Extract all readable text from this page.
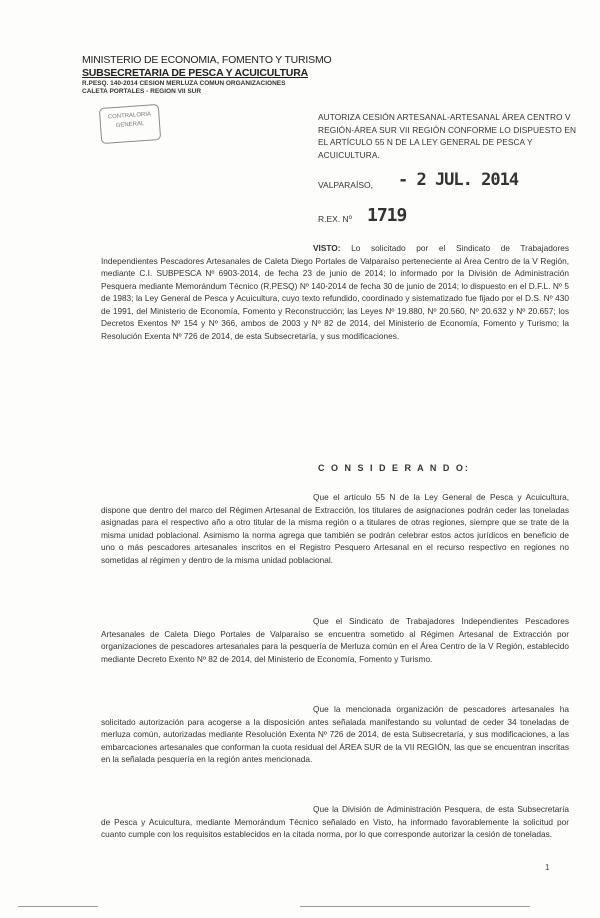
MINISTERIO DE ECONOMIA, FOMENTO Y TURISMO
SUBSECRETARIA DE PESCA Y ACUICULTURA
R.PESQ. 140-2014 CESION MERLUZA COMUN ORGANIZACIONES
CALETA PORTALES - REGION VII SUR
CONTRALORIA
GENERAL
AUTORIZA CESIÓN ARTESANAL-ARTESANAL ÁREA CENTRO V REGIÓN-ÁREA SUR VII REGIÓN CONFORME LO DISPUESTO EN EL ARTÍCULO 55 N DE LA LEY GENERAL DE PESCA Y ACUICULTURA.
VALPARAÍSO, - 2 JUL. 2014
R.EX. Nº 1719
VISTO: Lo solicitado por el Sindicato de Trabajadores Independientes Pescadores Artesanales de Caleta Diego Portales de Valparaíso perteneciente al Área Centro de la V Región, mediante C.I. SUBPESCA Nº 6903-2014, de fecha 23 de junio de 2014; lo informado por la División de Administración Pesquera mediante Memorándum Técnico (R.PESQ) Nº 140-2014 de fecha 30 de junio de 2014; lo dispuesto en el D.F.L. Nº 5 de 1983; la Ley General de Pesca y Acuicultura, cuyo texto refundido, coordinado y sistematizado fue fijado por el D.S. Nº 430 de 1991, del Ministerio de Economía, Fomento y Reconstrucción; las Leyes Nº 19.880, Nº 20.560, Nº 20.632 y Nº 20.657; los Decretos Exentos Nº 154 y Nº 366, ambos de 2003 y Nº 82 de 2014, del Ministerio de Economía, Fomento y Turismo; la Resolución Exenta Nº 726 de 2014, de esta Subsecretaría, y sus modificaciones.
C O N S I D E R A N D O:
Que el artículo 55 N de la Ley General de Pesca y Acuicultura, dispone que dentro del marco del Régimen Artesanal de Extracción, los titulares de asignaciones podrán ceder las toneladas asignadas para el respectivo año a otro titular de la misma región o a titulares de otras regiones, siempre que se trate de la misma unidad poblacional. Asimismo la norma agrega que también se podrán celebrar estos actos jurídicos en beneficio de uno o más pescadores artesanales inscritos en el Registro Pesquero Artesanal en el recurso respectivo en regiones no sometidas al régimen y dentro de la misma unidad poblacional.
Que el Sindicato de Trabajadores Independientes Pescadores Artesanales de Caleta Diego Portales de Valparaíso se encuentra sometido al Régimen Artesanal de Extracción por organizaciones de pescadores artesanales para la pesquería de Merluza común en el Área Centro de la V Región, establecido mediante Decreto Exento Nº 82 de 2014, del Ministerio de Economía, Fomento y Turismo.
Que la mencionada organización de pescadores artesanales ha solicitado autorización para acogerse a la disposición antes señalada manifestando su voluntad de ceder 34 toneladas de merluza común, autorizadas mediante Resolución Exenta Nº 726 de 2014, de esta Subsecretaría, y sus modificaciones, a las embarcaciones artesanales que conforman la cuota residual del ÁREA SUR de la VII REGIÓN, las que se encuentran inscritas en la señalada pesquería en la región antes mencionada.
Que la División de Administración Pesquera, de esta Subsecretaría de Pesca y Acuicultura, mediante Memorándum Técnico señalado en Visto, ha informado favorablemente la solicitud por cuanto cumple con los requisitos establecidos en la citada norma, por lo que corresponde autorizar la cesión de toneladas.
1
